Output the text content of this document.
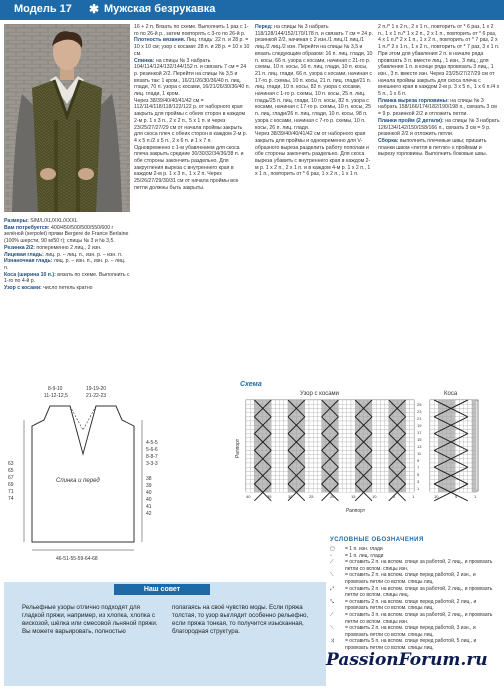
Модель 17 ✱ Мужская безрукавка

Размеры: S/M/L/XL/XXL/XXXL

Вам потребуется: 400/450/500/500/550/600 г зелёной (serpolet) пряжи Bergere de France Berlaine (100% шерсти, 90 м/50 г); спицы № 3 и № 3,5.

Резинка 2/2: попеременно 2 лиц., 2 изн.

Лицевая гладь: лиц. р. – лиц. п., изн. р. – изн. п.

Изнаночная гладь: лиц. р. – изн. п., изн. р. – лиц. п.

Коса (ширина 10 п.): вязать по схеме. Выполнить с 1-го по 4-й р.

Узор с косами: число петель кратно

16 + 2 п. Вязать по схеме. Выполнить 1 раз с 1-го по 26-й р., затем повторять с 3-го по 26-й р.

Плотность вязания. Лиц. гладь: 22 п. и 28 р. = 10 х 10 см; узор с косами: 28 п. и 28 р. = 10 х 10 см.

Спинка: на спицы № 3 набрать 104/114/124/132/144/152 п. и связать 7 см = 24 р. резинкой 2/2. Перейти на спицы № 3,5 и вязать так: 1 кром., 16/21/26/30/36/40 п. лиц. глади, 70 п. узора с косами, 16/21/26/30/36/40 п. лиц. глади, 1 кром.

Через 38/39/40/40/41/42 см = 112/114/118/118/122/122 р. от наборного края закрыть для проймы с обеих сторон в каждом 2-м р. 1 х 3 п., 2 х 2 п., 5 х 1 п. и через 23/25/27/27/29 см от начала проймы закрыть для скоса плеч с обеих сторон в каждом 2-м р. 4 х 5 п./2 х 5 п., 2 х 6 п. и 1 х 7 п.

Одновременно с 1-м убавлением для скоса плеча закрыть средние 30/30/32/34/36/38 п. и обе стороны закончить раздельно. Для закругления выреза с внутреннего края в каждом 2-м р. 1 х 3 п., 1 х 2 п. Через 25/26/27/29/30/31 см от начала проймы все петли должны быть закрыты.

Перед: на спицы № 3 набрать 118/128/144/152/170/178 п. и связать 7 см = 24 р. резинкой 2/2, начиная с 2 изн./1 лиц./1 лиц./1 лиц./2 лиц./2 изн. Перейти на спицы № 3,5 и вязать следующим образом: 16 п. лиц. глади, 10 п. косы, 66 п. узора с косами, начиная с 21-го р. схемы, 10 п. косы, 16 п. лиц. глади, 10 п. косы, 21 п. лиц. глади, 66 п. узора с косами, начиная с 17-го р. схемы, 10 п. косы, 21 п. лиц. глади/21 п. лиц. глади, 10 п. косы, 82 п. узора с косами, начиная с 1-го р. схемы, 10 п. косы, 25 п. лиц. гладь/25 п. лиц. глади, 10 п. косы, 82 п. узора с косами, начиная с 17-го р. схемы, 10 п. косы, 25 п. лиц. глади/26 п. лиц. глади, 10 п. косы, 98 п. узора с косами, начиная с 7-го р. схемы, 10 п. косы, 26 п. лиц. глади.

Через 38/39/40/40/41/42 см от наборного края закрыть для проймы и одновременно для V-образного выреза разделить работу пополам и обе стороны закончить раздельно. Для скоса выреза убавить с внутреннего края в каждом 2-м р. 1 х 2 п., 2 х 1 п. и в каждом 4-м р. 1 х 2 п., 1 х 1 п., повторить от * 6 раз, 1 х 2 п., 1 х 1 п.

2 п./* 1 х 2 п., 2 х 1 п., повторить от * 6 раз, 1 х 2 п., 1 х 1 п./* 1 х 2 п., 2 х 1 п., повторить от * 6 раз, 4 х 1 п./* 2 х 1 п., 1 х 2 п., повторить от * 7 раз, 2 х 1 п./* 2 х 1 п., 1 х 2 п., повторить от * 7 раз, 3 х 1 п.

При этом для убавления 2 п. в начале ряда провязать 3 п. вместе лиц., 1 изн., 3 лиц.; для убавления 1 п. в конце ряда провязать 3 лиц., 1 изн., 3 п. вместе изн. Через 23/25/27/27/29 см от начала проймы закрыть для скоса плеча с внешнего края в каждом 2-м р. 3 х 5 п., 1 х 6 п./4 х 5 п., 1 х 6 п.

Планка выреза горловины: на спицы № 3 набрать 158/166/174/182/190/198 п., связать 3 см = 9 р. резинкой 2/2 и отложить петли.

Планки пройм (2 детали): на спицы № 3 набрать 126/134/142/150/158/166 п., связать 3 см = 9 р. резинкой 2/2 и отложить петли.

Сборка: выполнить плечевые швы; пришить планки швом «петля в петлю» к проймам и вырезу горловины. Выполнить боковые швы.

Спинка и перед
8-9-10
11-12-12,5
19-19-20
21-22-23
63
65
67
69
71
74
4-5-5
5-6-6
8-8-7
3-3-3
38
39
40
40
41
42
46-51-55-59-64-68
Схема
Узор с косами	Коса
Раппорт
Раппорт
40	35	30	25	20	15	10	5	1	10	5	1
25
23
21
19
17
15
13
11
9
7
5
3
1
УСЛОВНЫЕ ОБОЗНАЧЕНИЯ
▢	= 1 п. изн. глади
▫	= 1 п. лиц. глади
⟋	= оставить 2 п. на вспом. спице за работой, 2 лиц., и провязать петли со вспом. спицы изн.
⟍	= оставить 2 п. на вспом. спице перед работой, 2 изн., и провязать петли со вспом. спицы лиц.
⤢	= оставить 2 п. на вспом. спице за работой, 2 лиц., и провязать петли со вспом. спицы лиц.
⤡	= оставить 2 п. на вспом. спице перед работой, 2 лиц., и провязать петли со вспом. спицы лиц.
⟋	= оставить 3 п. на вспом. спице за работой, 2 лиц., и провязать петли со вспом. спицы изн.
⟍	= оставить 2 п. на вспом. спице перед работой, 3 изн., и провязать петли со вспом. спицы лиц.
⤨	= оставить 5 п. на вспом. спице перед работой, 5 лиц., и провязать петли со вспом. спицы лиц.
Наш совет
Рельефные узоры отлично подходят для гладкой пряжи, например, из хлопка, хлопка с вискозой, шёлка или смесовой льняной пряжи. Вы можете варьировать, полностью
полагаясь на своё чувство моды. Если пряжа толстая, то узор выглядит особенно рельефно, если пряжа тонкая, то получится изысканная, благородная структура.
PassionForum.ru
